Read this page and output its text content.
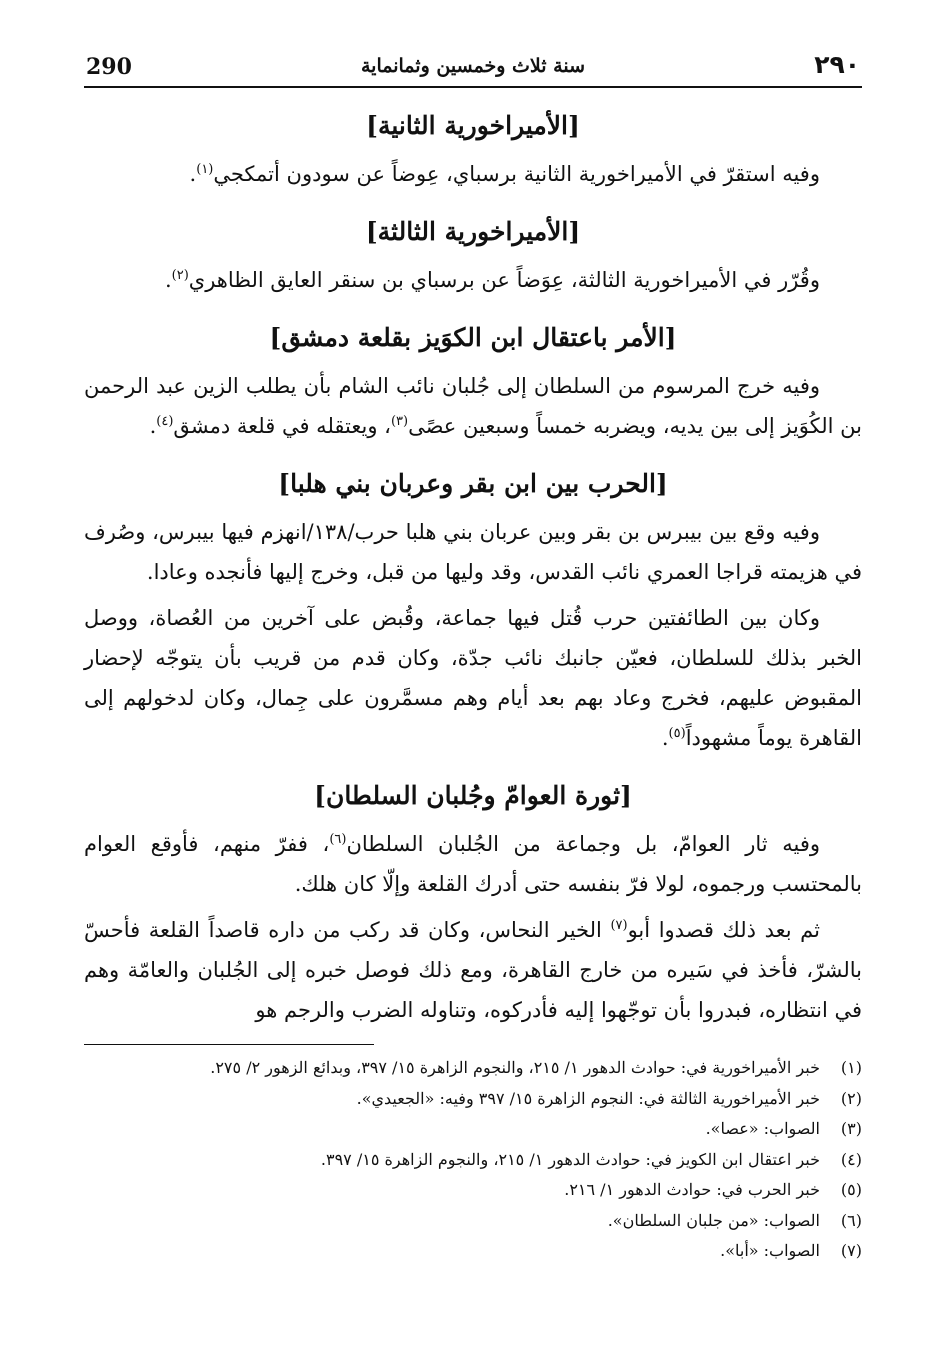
٢٩٠
سنة ثلاث وخمسين وثمانماية
290
[الأميراخورية الثانية]

وفيه استقرّ في الأميراخورية الثانية برسباي، عِوضاً عن سودون أتمكجي$^{(١)}$.

[الأميراخورية الثالثة]

وقُرّر في الأميراخورية الثالثة، عِوَضاً عن برسباي بن سنقر العايق الظاهري$^{(٢)}$.

[الأمر باعتقال ابن الكوَيز بقلعة دمشق]

وفيه خرج المرسوم من السلطان إلى جُلبان نائب الشام بأن يطلب الزين عبد الرحمن بن الكُوَيز إلى بين يديه، ويضربه خمساً وسبعين عصًى$^{(٣)}$، ويعتقله في قلعة دمشق$^{(٤)}$.

[الحرب بين ابن بقر وعربان بني هلبا]

وفيه وقع بين بيبرس بن بقر وبين عربان بني هلبا حرب/١٣٨/انهزم فيها بيبرس، وصُرف في هزيمته قراجا العمري نائب القدس، وقد وليها من قبل، وخرج إليها فأنجده وعادا.

وكان بين الطائفتين حرب قُتل فيها جماعة، وقُبض على آخرين من العُصاة، ووصل الخبر بذلك للسلطان، فعيّن جانبك نائب جدّة، وكان قدم من قريب بأن يتوجّه لإحضار المقبوض عليهم، فخرج وعاد بهم بعد أيام وهم مسمَّرون على جِمال، وكان لدخولهم إلى القاهرة يوماً مشهوداً$^{(٥)}$.

[ثورة العوامّ وجُلبان السلطان]

وفيه ثار العوامّ، بل وجماعة من الجُلبان السلطان$^{(٦)}$، ففرّ منهم، فأوقع العوام بالمحتسب ورجموه، لولا فرّ بنفسه حتى أدرك القلعة وإلّا كان هلك.

ثم بعد ذلك قصدوا أبو$^{(٧)}$ الخير النحاس، وكان قد ركب من داره قاصداً القلعة فأحسّ بالشرّ، فأخذ في سَيره من خارج القاهرة، ومع ذلك فوصل خبره إلى الجُلبان والعامّة وهم في انتظاره، فبدروا بأن توجّهوا إليه فأدركوه، وتناوله الضرب والرجم هو

(١)
خبر الأميراخورية في: حوادث الدهور ١/ ٢١٥، والنجوم الزاهرة ١٥/ ٣٩٧، وبدائع الزهور ٢/ ٢٧٥.
(٢)
خبر الأميراخورية الثالثة في: النجوم الزاهرة ١٥/ ٣٩٧ وفيه: «الجعيدي».
(٣)
الصواب: «عصا».
(٤)
خبر اعتقال ابن الكويز في: حوادث الدهور ١/ ٢١٥، والنجوم الزاهرة ١٥/ ٣٩٧.
(٥)
خبر الحرب في: حوادث الدهور ١/ ٢١٦.
(٦)
الصواب: «من جلبان السلطان».
(٧)
الصواب: «أبا».
